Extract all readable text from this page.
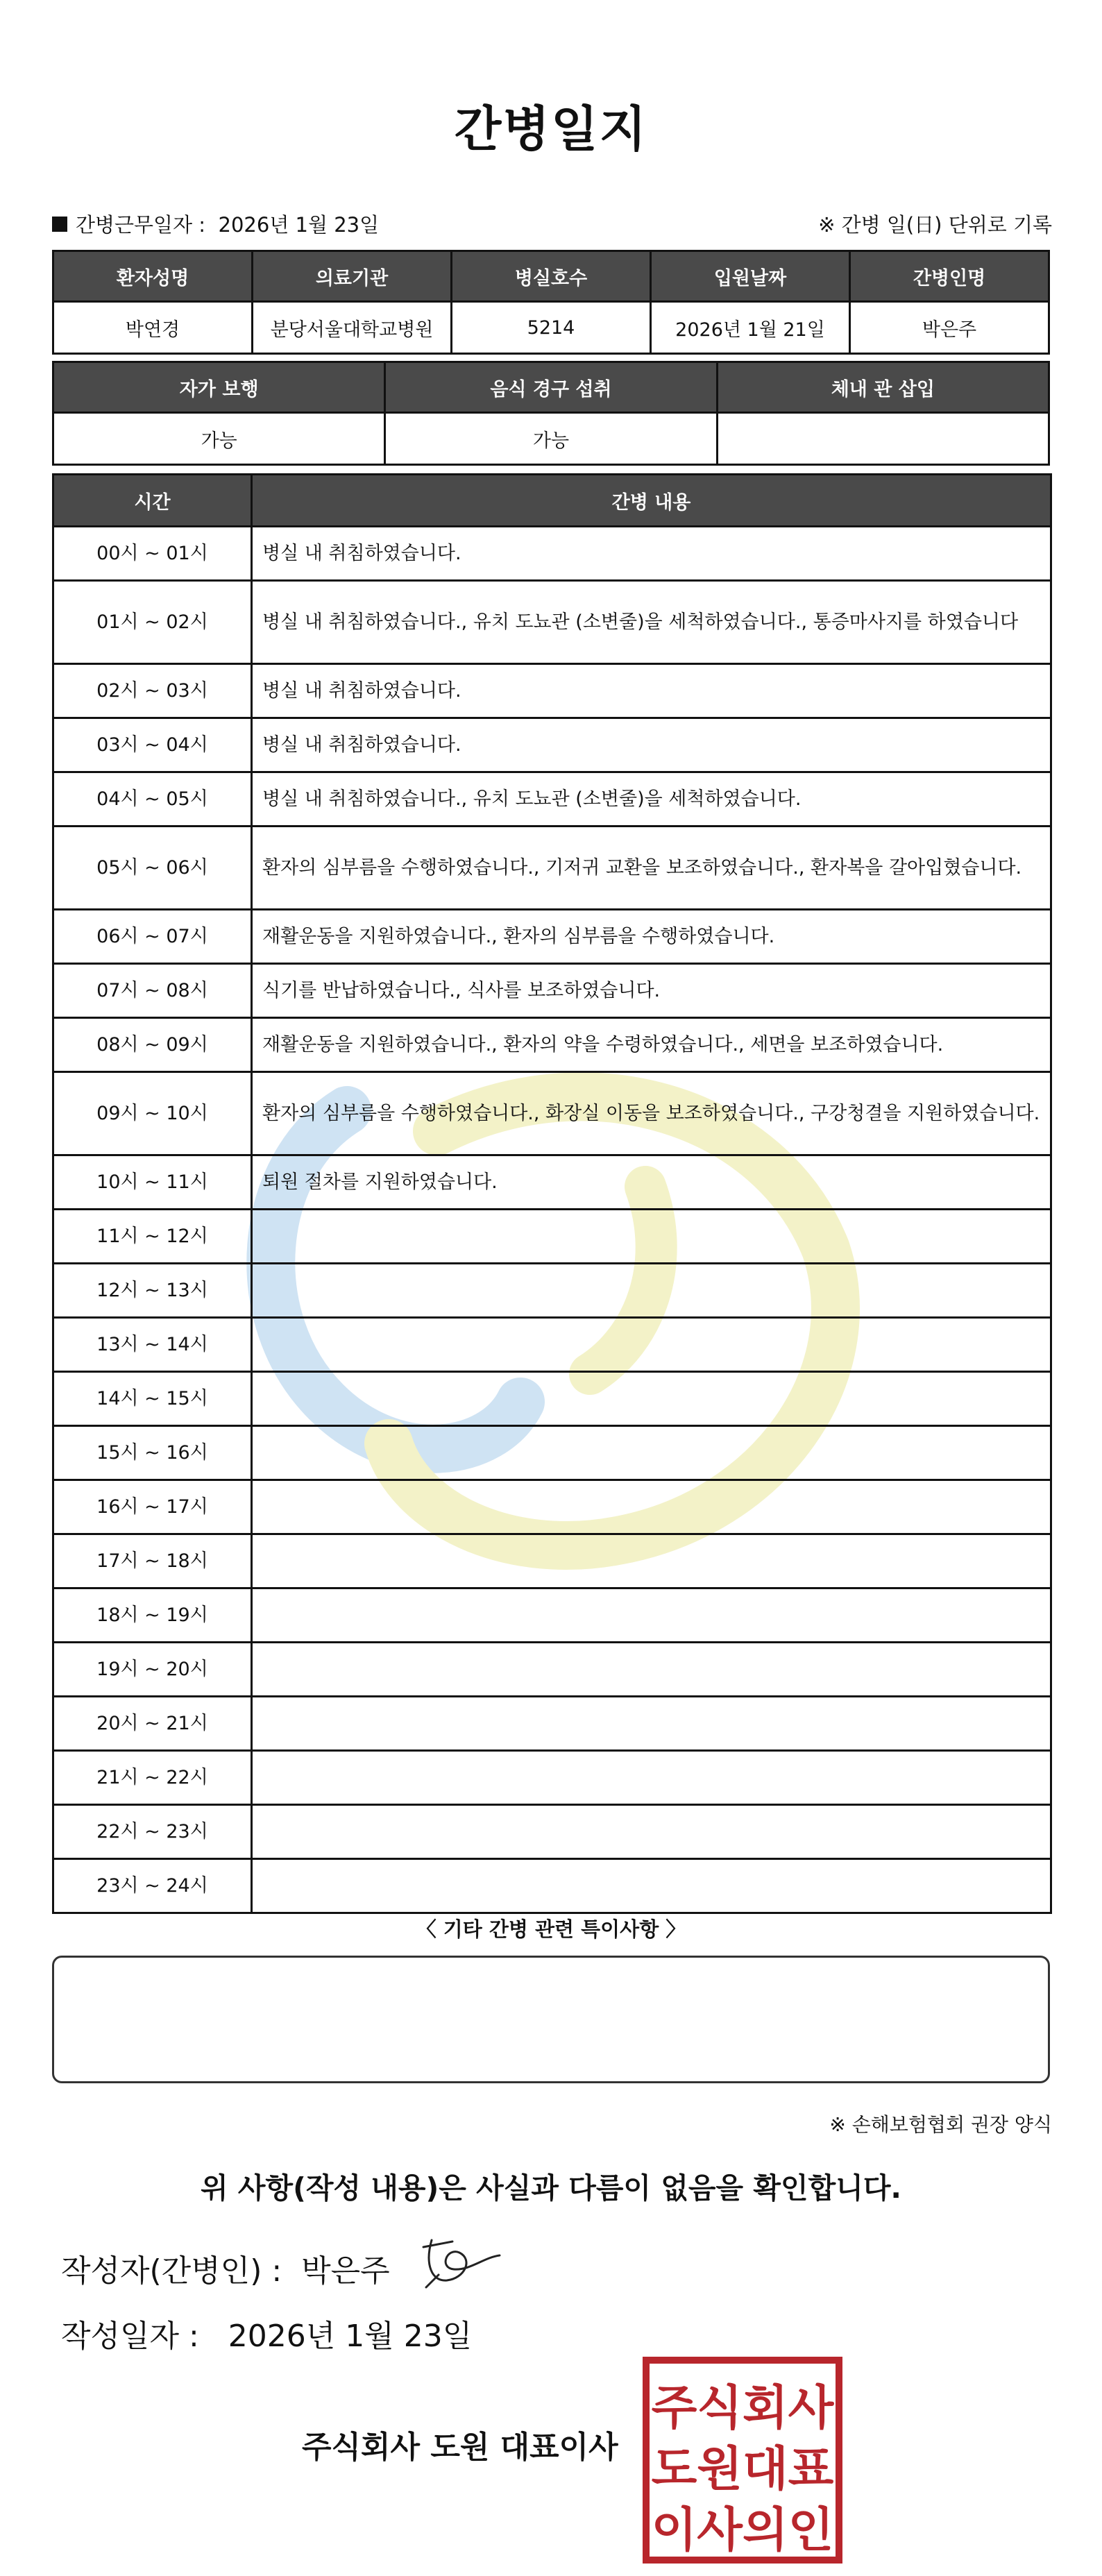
간병일지
간병근무일자 :
2026년 1월 23일	※ 간병 일(日) 단위로 기록
환자성명	의료기관	병실호수	입원날짜	간병인명
박연경	분당서울대학교병원	5214	2026년 1월 21일	박은주
자가 보행	음식 경구 섭취	체내 관 삽입
가능	가능	
시간	간병 내용
00시 ~ 01시	병실 내 취침하였습니다.
01시 ~ 02시	병실 내 취침하였습니다., 유치 도뇨관 (소변줄)을 세척하였습니다., 통증마사지를 하였습니다
02시 ~ 03시	병실 내 취침하였습니다.
03시 ~ 04시	병실 내 취침하였습니다.
04시 ~ 05시	병실 내 취침하였습니다., 유치 도뇨관 (소변줄)을 세척하였습니다.
05시 ~ 06시	환자의 심부름을 수행하였습니다., 기저귀 교환을 보조하였습니다., 환자복을 갈아입혔습니다.
06시 ~ 07시	재활운동을 지원하였습니다., 환자의 심부름을 수행하였습니다.
07시 ~ 08시	식기를 반납하였습니다., 식사를 보조하였습니다.
08시 ~ 09시	재활운동을 지원하였습니다., 환자의 약을 수령하였습니다., 세면을 보조하였습니다.
09시 ~ 10시	환자의 심부름을 수행하였습니다., 화장실 이동을 보조하였습니다., 구강청결을 지원하였습니다.
10시 ~ 11시	퇴원 절차를 지원하였습니다.
11시 ~ 12시	
12시 ~ 13시	
13시 ~ 14시	
14시 ~ 15시	
15시 ~ 16시	
16시 ~ 17시	
17시 ~ 18시	
18시 ~ 19시	
19시 ~ 20시	
20시 ~ 21시	
21시 ~ 22시	
22시 ~ 23시	
23시 ~ 24시	
〈 기타 간병 관련 특이사항 〉
※ 손해보험협회 권장 양식
위 사항(작성 내용)은 사실과 다름이 없음을 확인합니다.
작성자(간병인) : 박은주
작성일자 : 2026년 1월 23일
주식회사 도원 대표이사
주식회사
도원대표
이사의인
